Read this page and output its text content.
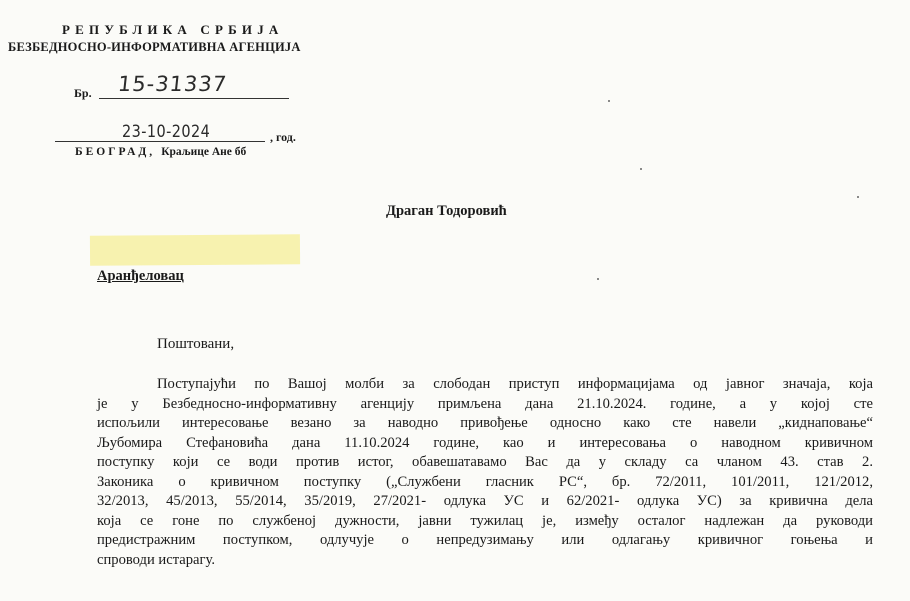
РЕПУБЛИКА СРБИЈА
БЕЗБЕДНОСНО-ИНФОРМАТИВНА АГЕНЦИЈА
Бр. 15-31337
23-10-2024	, год.
БЕОГРАД, Краљице Ане бб
Драган Тодоровић
Аранђеловац
Поштовани,
Поступајући по Вашој молби за слободан приступ информацијама од јавног значаја, која
је у Безбедносно-информативну агенцију примљена дана 21.10.2024. године, а у којој сте
испољили интересовање везано за наводно привођење односно како сте навели „киднаповање“
Љубомира Стефановића дана 11.10.2024 године, као и интересовања о наводном кривичном
поступку који се води против истог, обавешатавамо Вас да у складу са чланом 43. став 2.
Законика о кривичном поступку („Службени гласник РС“, бр. 72/2011, 101/2011, 121/2012,
32/2013, 45/2013, 55/2014, 35/2019, 27/2021- одлука УС и 62/2021- одлука УС) за кривична дела
која се гоне по службеној дужности, јавни тужилац је, између осталог надлежан да руководи
предистражним поступком, одлучује о непредузимању или одлагању кривичног гоњења и
спроводи истарагу.
